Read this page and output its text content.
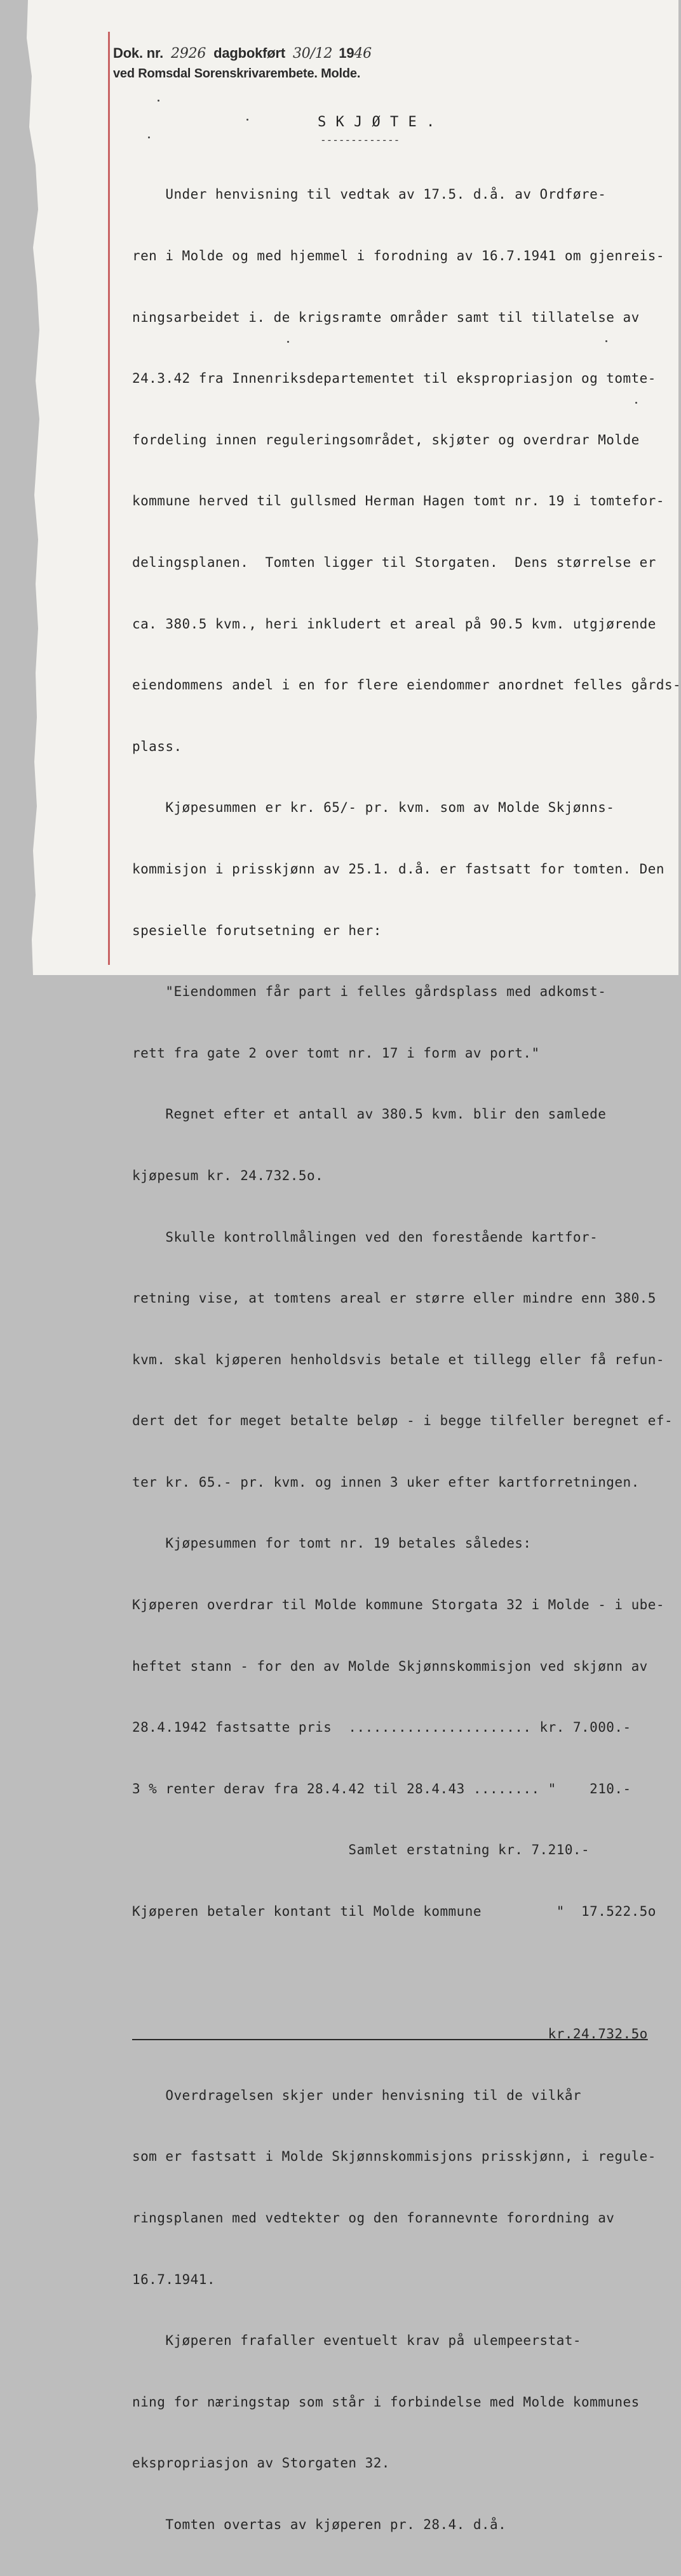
Dok. nr. 2926 dagbokført 30/12 1946
ved Romsdal Sorenskrivarembete. Molde.
S K J Ø T E .
-------------

Under henvisning til vedtak av 17.5. d.å. av Ordføre-

ren i Molde og med hjemmel i forodning av 16.7.1941 om gjenreis-

ningsarbeidet i. de krigsramte områder samt til tillatelse av

24.3.42 fra Innenriksdepartementet til ekspropriasjon og tomte-

fordeling innen reguleringsområdet, skjøter og overdrar Molde

kommune herved til gullsmed Herman Hagen tomt nr. 19 i tomtefor-

delingsplanen.  Tomten ligger til Storgaten.  Dens størrelse er

ca. 380.5 kvm., heri inkludert et areal på 90.5 kvm. utgjørende

eiendommens andel i en for flere eiendommer anordnet felles gårds-

plass.

Kjøpesummen er kr. 65/- pr. kvm. som av Molde Skjønns-

kommisjon i prisskjønn av 25.1. d.å. er fastsatt for tomten. Den

spesielle forutsetning er her:

"Eiendommen får part i felles gårdsplass med adkomst-

rett fra gate 2 over tomt nr. 17 i form av port."

Regnet efter et antall av 380.5 kvm. blir den samlede

kjøpesum kr. 24.732.5o.

Skulle kontrollmålingen ved den forestående kartfor-

retning vise, at tomtens areal er større eller mindre enn 380.5

kvm. skal kjøperen henholdsvis betale et tillegg eller få refun-

dert det for meget betalte beløp - i begge tilfeller beregnet ef-

ter kr. 65.- pr. kvm. og innen 3 uker efter kartforretningen.

Kjøpesummen for tomt nr. 19 betales således:

Kjøperen overdrar til Molde kommune Storgata 32 i Molde - i ube-

heftet stann - for den av Molde Skjønnskommisjon ved skjønn av

28.4.1942 fastsatte pris  ...................... kr. 7.000.-

3 % renter derav fra 28.4.42 til 28.4.43 ........ "    210.-

Samlet erstatning kr. 7.210.-

Kjøperen betaler kontant til Molde kommune         "  17.522.5o

kr.24.732.5o

Overdragelsen skjer under henvisning til de vilkår

som er fastsatt i Molde Skjønnskommisjons prisskjønn, i regule-

ringsplanen med vedtekter og den forannevnte forordning av

16.7.1941.

Kjøperen frafaller eventuelt krav på ulempeerstat-

ning for næringstap som står i forbindelse med Molde kommunes

ekspropriasjon av Storgaten 32.

Tomten overtas av kjøperen pr. 28.4. d.å.
